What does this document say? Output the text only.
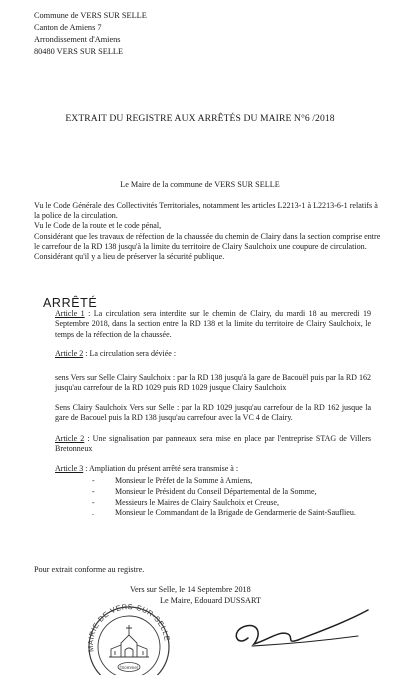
Commune de VERS SUR SELLE
Canton de Amiens 7
Arrondissement d'Amiens
80480 VERS SUR SELLE
EXTRAIT DU REGISTRE AUX ARRÊTÉS DU MAIRE N°6 /2018
Le Maire de la commune de VERS SUR SELLE

Vu le Code Générale des Collectivités Territoriales, notamment les articles L2213-1 à L2213-6-1 relatifs à la police de la circulation.

Vu le Code de la route et le code pénal,

Considérant que les travaux de réfection de la chaussée du chemin de Clairy dans la section comprise entre le carrefour de la RD 138 jusqu'à la limite du territoire de Clairy Saulchoix une coupure de circulation.

Considérant qu'il y a lieu de préserver la sécurité publique.

ARRÊTÉ

Article 1 : La circulation sera interdite sur le chemin de Clairy, du mardi 18 au mercredi 19 Septembre 2018, dans la section entre la RD 138 et la limite du territoire de Clairy Saulchoix, le temps de la réfection de la chaussée.

Article 2 : La circulation sera déviée :

sens Vers sur Selle Clairy Saulchoix : par la RD 138 jusqu'à la gare de Bacouël puis par la RD 162 jusqu'au carrefour de la RD 1029 puis RD 1029 jusque Clairy Saulchoix

Sens Clairy Saulchoix Vers sur Selle : par la RD 1029 jusqu'au carrefour de la RD 162 jusque la gare de Bacouel puis la RD 138 jusqu'au carrefour avec la VC 4 de Clairy.

Article 2 : Une signalisation par panneaux sera mise en place par l'entreprise STAG de Villers Bretonneux

Article 3 : Ampliation du présent arrêté sera transmise à :

-	Monsieur le Préfet de la Somme à Amiens,
-	Monsieur le Président du Conseil Départemental de la Somme,
-	Messieurs le Maires de Clairy Saulchoix et Creuse,
.	Monsieur le Commandant de la Brigade de Gendarmerie de Saint-Sauflieu.
Pour extrait conforme au registre.
Vers sur Selle, le 14 Septembre 2018
Le Maire, Edouard DUSSART
MAIRIE DE VERS-SUR-SELLE
(Somme)
